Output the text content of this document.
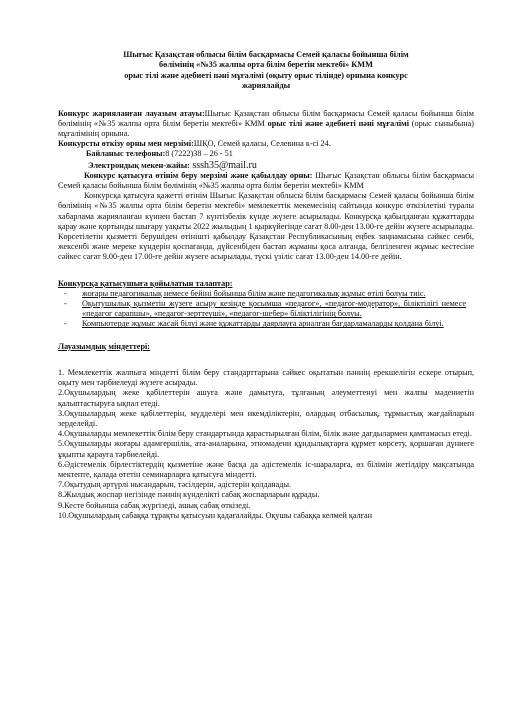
Шығыс Қазақстан облысы білім басқармасы Семей қаласы бойынша білім
бөлімінің «№35 жалпы орта білім беретін мектебі» КММ
орыс тілі және әдебиеті пәні мұғалімі (оқыту орыс тілінде) орнына конкурс
жариялайды

Конкурс жарияланған лауазым атауы:Шығыс Қазақстан облысы білім басқармасы Семей қаласы бойынша білім бөлімінің «№35 жалпы орта білім беретін мектебі» КММ орыс тілі және әдебиеті пәні мұғалімі (орыс сыныбына) мұғалімінің орнына.

Конкурсты өткізу орны мен мерзімі:ШҚО, Семей қаласы, Селевина к-сі 24.

Байланыс телефоны:8 (7222)38 – 26 - 51

Электрондық мекен-жайы: sssh35@mail.ru

Конкурс қатысуға өтінім беру мерзімі және қабылдау орны: Шығыс Қазақстан облысы білім басқармасы Семей қаласы бойынша білім бөлімінің «№35 жалпы орта білім беретін мектебі» КММ

Конкурсқа қатысуға қажетті өтінім Шығыс Қазақстан облысы білім басқармасы Семей қаласы бойынша білім бөлімінің «№35 жалпы орта білім беретін мектебі» мемлекеттік мекемесінің сайтында конкурс өткізілетіні туралы хабарлама жарияланған күннен бастап 7 күнтізбелік күнде жүзеге асырылады. Конкурсқа қабылданған құжаттарды қарау және қортынды шығару уақыты 2022 жылыдың 1 қыркүйегінде сағат 8.00-ден 13.00-ге дейін жүзеге асырылады. Көрсетілетін қызметті берушіден өтінішті қабылдау Қазақстан Республикасының еңбек заңнамасына сәйкес сенбі, жексенбі және мереке күндерін қоспағанда, дүйсенбіден бастап жұманы қоса алғанда, белгіленген жұмыс кестесіне сәйкес сағат 9.00-ден 17.00-ге дейін жүзеге асырылады, түскі үзіліс сағат 13.00-ден 14.00-ге дейін.

Конкурсқа қатысушыға қойылатын талаптар:

- жоғары педагогикалық немесе бейіні бойынша білім және педагогикалық жұмыс өтілі болуы тиіс.
- Оқытушылық қызметін жүзеге асыру кезінде қосымша «педагог», «педагог-модератор», біліктілігі немесе «педагог сарапшы», «педагог-зерттеуші», «педагог-шебер» біліктілігінің болуы.
- Компьютерде жұмыс жасай білуі және құжаттарды даярлауға арналған бағдарламаларды қолдана білуі.

Лауазымдық міндеттері:

1. Мемлекеттік жалпыға міндетті білім беру стандарттарына сәйкес оқытатын пәннің ерекшелігін ескере отырып, оқыту мен тәрбиелеуді жүзеге асырады.

2.Оқушылардың жеке қабілеттерін ашуға және дамытуға, тұлғаның әлеуметтенуі мен жалпы мәдениетін қалыптастыруға ықпал етеді.

3.Оқушылардың жеке қабілеттерін, мүдделері мен икемділіктерін, олардың отбасылық, тұрмыстық жағдайларын зерделейді.

4.Оқушыларды мемлекеттік білім беру стандартында қарастырылған білім, білік және дағдылармен қамтамасыз етеді.

5.Оқушыларды жоғары адамгершілік, ата-аналарына, этномәдени құндылықтарға құрмет көрсету, қоршаған дүниеге ұқыпты қарауға тәрбиелейді.

6.Әдістемелік бірлестіктердің қызметіне және басқа да әдістемелік іс-шараларға, өз білімін жетілдіру мақсатында мектепте, қалада өтетін семинарларға қатысуға міндетті.

7.Оқытудың әртүрлі нысандарын, тәсілдерін, әдістерін қолданады.

8.Жылдық жоспар негізінде пәннің күнделікті сабақ жоспарларын құрады.

9.Кесте бойынша сабақ жүргізеді, ашық сабақ өткізеді.

10.Оқушылардың сабаққа тұрақты қатысуын қадағалайды. Оқушы сабаққа келмей қалған
